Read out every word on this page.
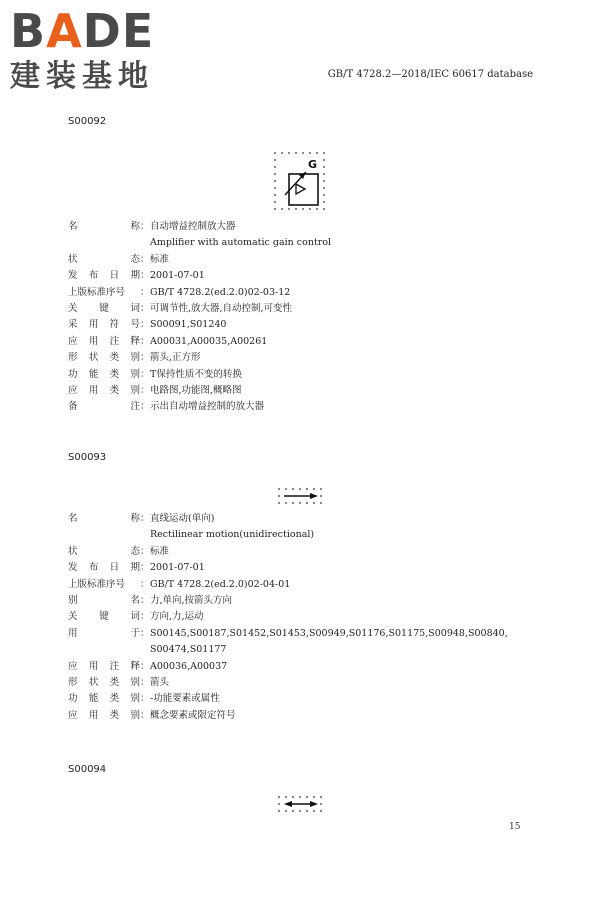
BADE
建装基地	GB/T 4728.2—2018/IEC 60617 database
S00092
G
名	称 ： 自动增益控制放大器
Amplifier with automatic gain control
状	态 ： 标准
发 布 日 期 ： 2001-07-01
上版标准序号 ： GB/T 4728.2(ed.2.0)02-03-12
关 键 词 ： 可调节性,放大器,自动控制,可变性
采 用 符 号 ： S00091,S01240
应 用 注 释 ： A00031,A00035,A00261
形 状 类 别 ： 箭头,正方形
功 能 类 别 ： T保持性质不变的转换
应 用 类 别 ： 电路图,功能图,概略图
备	注 ： 示出自动增益控制的放大器
S00093
名	称 ： 直线运动(单向)
Rectilinear motion(unidirectional)
状	态 ： 标准
发 布 日 期 ： 2001-07-01
上版标准序号 ： GB/T 4728.2(ed.2.0)02-04-01
别	名 ： 力,单向,按箭头方向
关 键 词 ： 方向,力,运动
用	于 ： S00145,S00187,S01452,S01453,S00949,S01176,S01175,S00948,S00840,
S00474,S01177
应 用 注 释 ： A00036,A00037
形 状 类 别 ： 箭头
功 能 类 别 ： -功能要素或属性
应 用 类 别 ： 概念要素或限定符号
S00094
15
